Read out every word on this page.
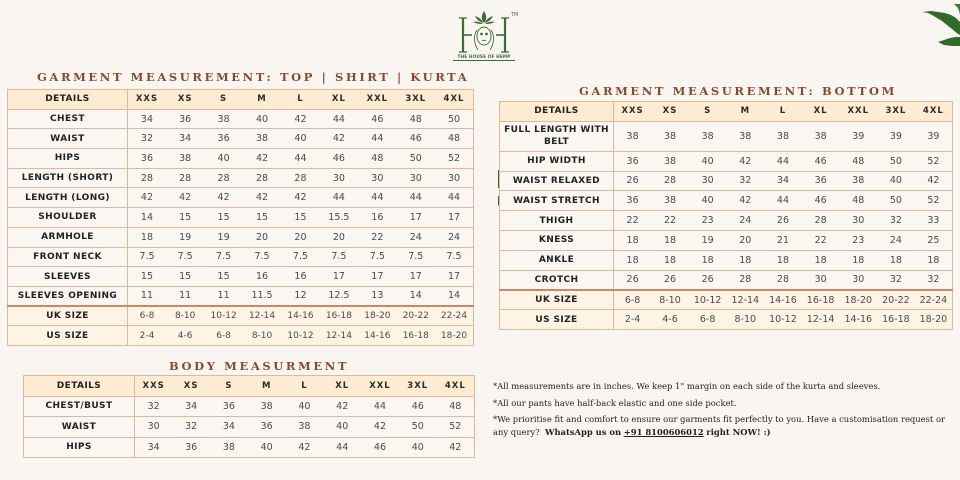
TM
THE HOUSE OF HEMP
GARMENT MEASUREMENT: TOP | SHIRT | KURTA
DETAILS	XXS	XS	S	M	L	XL	XXL	3XL	4XL
CHEST	34	36	38	40	42	44	46	48	50
WAIST	32	34	36	38	40	42	44	46	48
HIPS	36	38	40	42	44	46	48	50	52
LENGTH (SHORT)	28	28	28	28	28	30	30	30	30
LENGTH (LONG)	42	42	42	42	42	44	44	44	44
SHOULDER	14	15	15	15	15	15.5	16	17	17
ARMHOLE	18	19	19	20	20	20	22	24	24
FRONT NECK	7.5	7.5	7.5	7.5	7.5	7.5	7.5	7.5	7.5
SLEEVES	15	15	15	16	16	17	17	17	17
SLEEVES OPENING	11	11	11	11.5	12	12.5	13	14	14
UK SIZE	6-8	8-10	10-12	12-14	14-16	16-18	18-20	20-22	22-24
US SIZE	2-4	4-6	6-8	8-10	10-12	12-14	14-16	16-18	18-20
GARMENT MEASUREMENT: BOTTOM
DETAILS	XXS	XS	S	M	L	XL	XXL	3XL	4XL
FULL LENGTH WITH BELT	38	38	38	38	38	38	39	39	39
HIP WIDTH	36	38	40	42	44	46	48	50	52
WAIST RELAXED	26	28	30	32	34	36	38	40	42
WAIST STRETCH	36	38	40	42	44	46	48	50	52
THIGH	22	22	23	24	26	28	30	32	33
KNESS	18	18	19	20	21	22	23	24	25
ANKLE	18	18	18	18	18	18	18	18	18
CROTCH	26	26	26	28	28	30	30	32	32
UK SIZE	6-8	8-10	10-12	12-14	14-16	16-18	18-20	20-22	22-24
US SIZE	2-4	4-6	6-8	8-10	10-12	12-14	14-16	16-18	18-20
BODY MEASURMENT
DETAILS	XXS	XS	S	M	L	XL	XXL	3XL	4XL
CHEST/BUST	32	34	36	38	40	42	44	46	48
WAIST	30	32	34	36	38	40	42	50	52
HIPS	34	36	38	40	42	44	46	40	42

*All measurements are in inches. We keep 1" margin on each side of the kurta and sleeves.

*All our pants have half-back elastic and one side pocket.

*We prioritise fit and comfort to ensure our garments fit perfectly to you. Have a customisation request or any query? WhatsApp us on +91 8100606012 right NOW! :)
